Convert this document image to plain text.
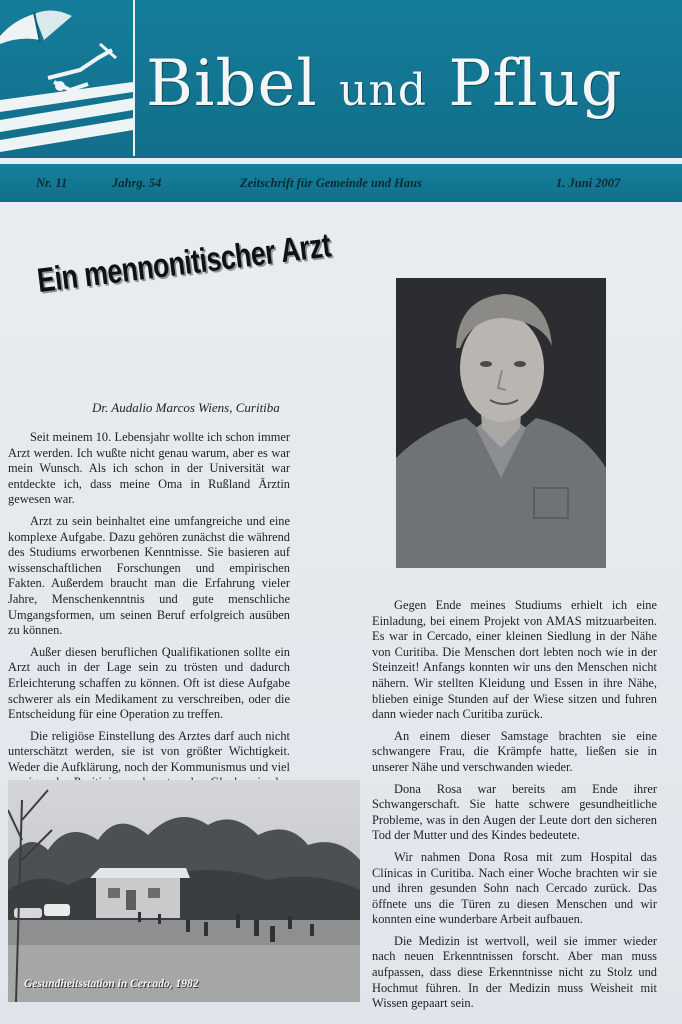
Bibel und Pflug
Nr. 11	Jahrg. 54	Zeitschrift für Gemeinde und Haus	1. Juni 2007
Ein mennonitischer Arzt
Dr. Audalio Marcos Wiens, Curitiba

Seit meinem 10. Lebensjahr wollte ich schon immer Arzt werden. Ich wußte nicht genau warum, aber es war mein Wunsch. Als ich schon in der Universität war entdeckte ich, dass meine Oma in Rußland Ärztin gewesen war.

Arzt zu sein beinhaltet eine umfangreiche und eine komplexe Aufgabe. Dazu gehören zunächst die während des Studiums erworbenen Kenntnisse. Sie basieren auf wissenschaftlichen Forschungen und empirischen Fakten. Außerdem braucht man die Erfahrung vieler Jahre, Menschenkenntnis und gute menschliche Umgangsformen, um seinen Beruf erfolgreich ausüben zu können.

Außer diesen beruflichen Qualifikationen sollte ein Arzt auch in der Lage sein zu trösten und dadurch Erleichterung schaffen zu können. Oft ist diese Aufgabe schwerer als ein Medikament zu verschreiben, oder die Entscheidung für eine Operation zu treffen.

Die religiöse Einstellung des Arztes darf auch nicht unterschätzt werden, sie ist von größter Wichtigkeit. Weder die Aufklärung, noch der Kommunismus und viel

Gegen Ende meines Studiums erhielt ich eine Einladung, bei einem Projekt von AMAS mitzuarbeiten. Es war in Cercado, einer kleinen Siedlung in der Nähe von Curitiba. Die Menschen dort lebten noch wie in der Steinzeit! Anfangs konnten wir uns den Menschen nicht nähern. Wir stellten Kleidung und Essen in ihre Nähe, blieben einige Stunden auf der Wiese sitzen und fuhren dann wieder nach Curitiba zurück.

An einem dieser Samstage brachten sie eine schwangere Frau, die Krämpfe hatte, ließen sie in unserer Nähe und verschwanden wieder.

Dona Rosa war bereits am Ende ihrer Schwangerschaft. Sie hatte schwere gesundheitliche Probleme, was in den Augen der Leute dort den sicheren Tod der Mutter und des Kindes bedeutete.

Wir nahmen Dona Rosa mit zum Hospital das Clínicas in Curitiba. Nach einer Woche brachten wir sie und ihren gesunden Sohn nach Cercado zurück. Das öffnete uns die Türen zu diesen Menschen und wir konnten eine wunderbare Arbeit aufbauen.

Die Medizin ist wertvoll, weil sie immer wieder nach neuen Erkenntnissen forscht. Aber man muss aufpassen, dass diese Erkenntnisse nicht zu Stolz und Hochmut führen. In der Medizin muss Weisheit mit Wissen gepaart sein.

Gesundheitsstation in Cercado, 1982
